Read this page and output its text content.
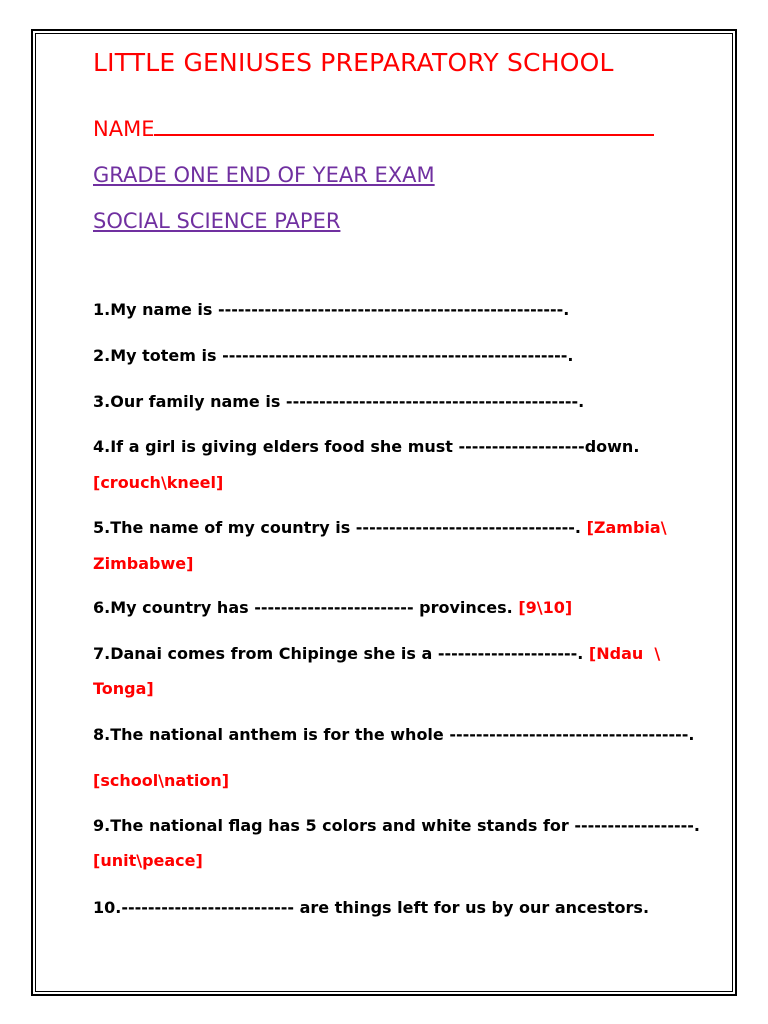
LITTLE GENIUSES PREPARATORY SCHOOL
NAME
GRADE ONE END OF YEAR EXAM
SOCIAL SCIENCE PAPER
1.My name is ----------------------------------------------------.
2.My totem is ----------------------------------------------------.
3.Our family name is --------------------------------------------.
4.If a girl is giving elders food she must -------------------down.
[crouch\kneel]
5.The name of my country is ---------------------------------. [Zambia\
Zimbabwe]
6.My country has ------------------------ provinces. [9\10]
7.Danai comes from Chipinge she is a ---------------------. [Ndau  \
Tonga]
8.The national anthem is for the whole ------------------------------------.
[school\nation]
9.The national flag has 5 colors and white stands for ------------------.
[unit\peace]
10.-------------------------- are things left for us by our ancestors.
